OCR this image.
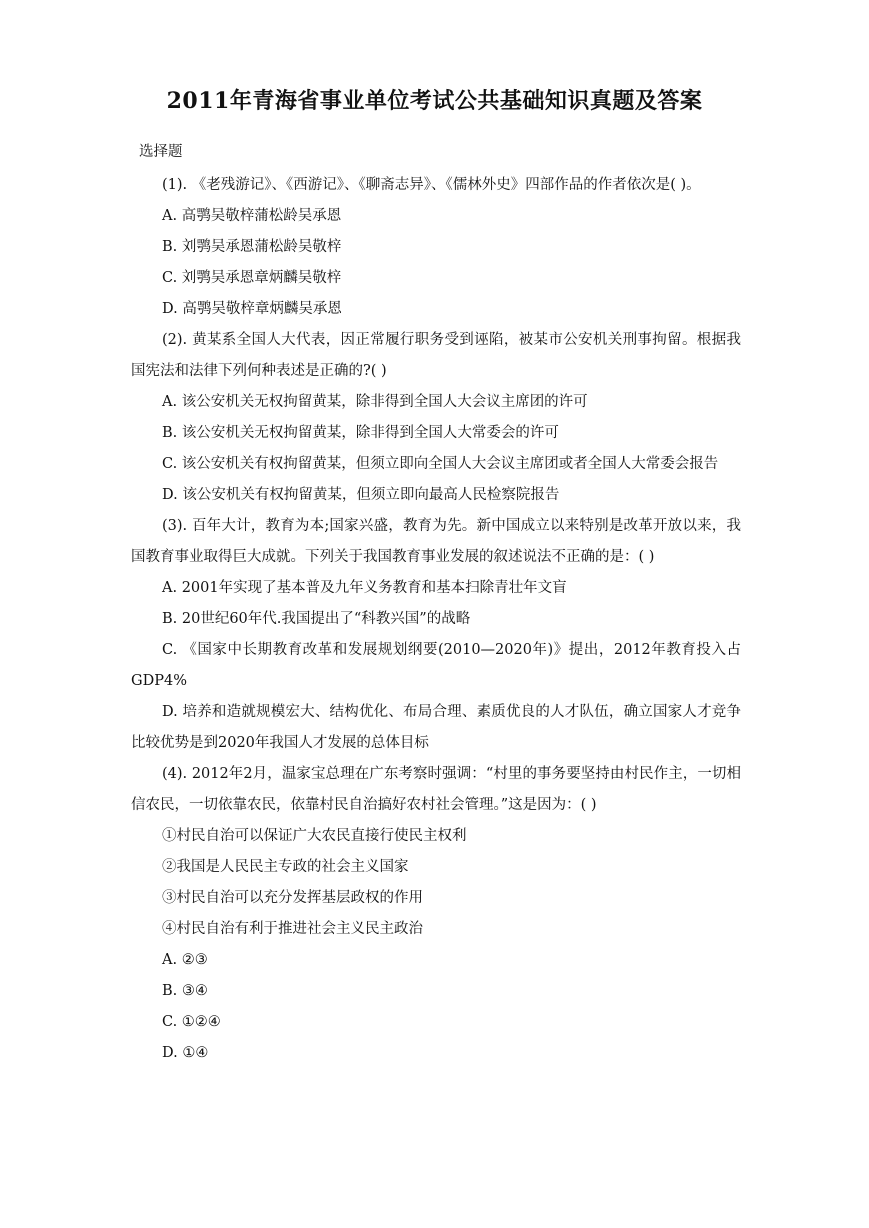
2011年青海省事业单位考试公共基础知识真题及答案
选择题

(1). 《老残游记》、《西游记》、《聊斋志异》、《儒林外史》四部作品的作者依次是( )。

A. 高鹗吴敬梓蒲松龄吴承恩

B. 刘鹗吴承恩蒲松龄吴敬梓

C. 刘鹗吴承恩章炳麟吴敬梓

D. 高鹗吴敬梓章炳麟吴承恩

(2). 黄某系全国人大代表，因正常履行职务受到诬陷，被某市公安机关刑事拘留。根据我国宪法和法律下列何种表述是正确的?( )

A. 该公安机关无权拘留黄某，除非得到全国人大会议主席团的许可

B. 该公安机关无权拘留黄某，除非得到全国人大常委会的许可

C. 该公安机关有权拘留黄某，但须立即向全国人大会议主席团或者全国人大常委会报告

D. 该公安机关有权拘留黄某，但须立即向最高人民检察院报告

(3). 百年大计，教育为本;国家兴盛，教育为先。新中国成立以来特别是改革开放以来，我国教育事业取得巨大成就。下列关于我国教育事业发展的叙述说法不正确的是：( )

A. 2001年实现了基本普及九年义务教育和基本扫除青壮年文盲

B. 20世纪60年代.我国提出了“科教兴国”的战略

C. 《国家中长期教育改革和发展规划纲要(2010—2020年)》提出，2012年教育投入占GDP4%

D. 培养和造就规模宏大、结构优化、布局合理、素质优良的人才队伍，确立国家人才竞争比较优势是到2020年我国人才发展的总体目标

(4). 2012年2月，温家宝总理在广东考察时强调：“村里的事务要坚持由村民作主，一切相信农民，一切依靠农民，依靠村民自治搞好农村社会管理。”这是因为：( )

①村民自治可以保证广大农民直接行使民主权利

②我国是人民民主专政的社会主义国家

③村民自治可以充分发挥基层政权的作用

④村民自治有利于推进社会主义民主政治

A. ②③

B. ③④

C. ①②④

D. ①④
